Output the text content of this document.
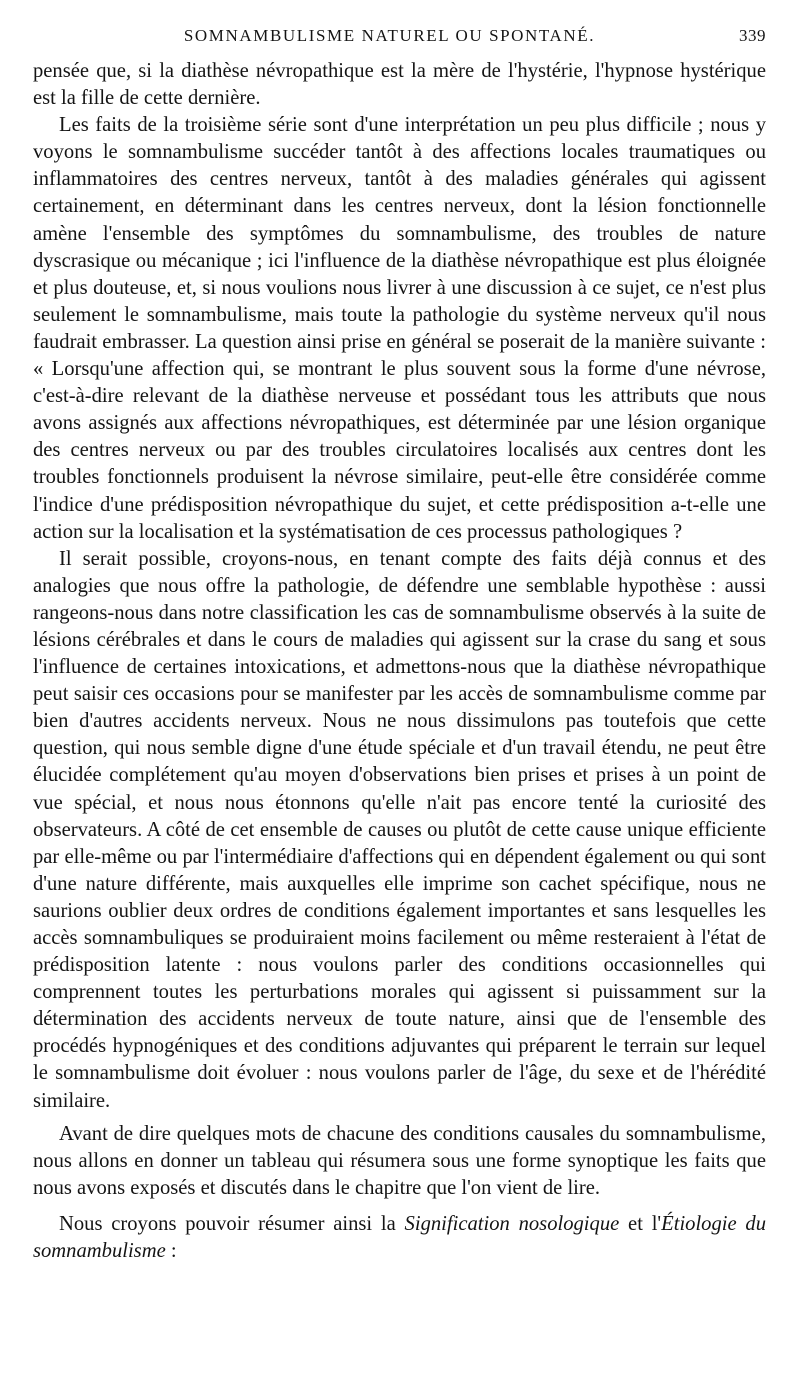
SOMNAMBULISME NATUREL OU SPONTANÉ.	339

pensée que, si la diathèse névropathique est la mère de l'hystérie, l'hypnose hystérique est la fille de cette dernière.

Les faits de la troisième série sont d'une interprétation un peu plus difficile ; nous y voyons le somnambulisme succéder tantôt à des affections locales traumatiques ou inflammatoires des centres nerveux, tantôt à des maladies générales qui agissent certainement, en déterminant dans les centres nerveux, dont la lésion fonctionnelle amène l'ensemble des symptômes du somnambulisme, des troubles de nature dyscrasique ou mécanique ; ici l'influence de la diathèse névropathique est plus éloignée et plus douteuse, et, si nous voulions nous livrer à une discussion à ce sujet, ce n'est plus seulement le somnambulisme, mais toute la pathologie du système nerveux qu'il nous faudrait embrasser. La question ainsi prise en général se poserait de la manière suivante : « Lorsqu'une affection qui, se montrant le plus souvent sous la forme d'une névrose, c'est-à-dire relevant de la diathèse nerveuse et possédant tous les attributs que nous avons assignés aux affections névropathiques, est déterminée par une lésion organique des centres nerveux ou par des troubles circulatoires localisés aux centres dont les troubles fonctionnels produisent la névrose similaire, peut-elle être considérée comme l'indice d'une prédisposition névropathique du sujet, et cette prédisposition a-t-elle une action sur la localisation et la systématisation de ces processus pathologiques ?

Il serait possible, croyons-nous, en tenant compte des faits déjà connus et des analogies que nous offre la pathologie, de défendre une semblable hypothèse : aussi rangeons-nous dans notre classification les cas de somnambulisme observés à la suite de lésions cérébrales et dans le cours de maladies qui agissent sur la crase du sang et sous l'influence de certaines intoxications, et admettons-nous que la diathèse névropathique peut saisir ces occasions pour se manifester par les accès de somnambulisme comme par bien d'autres accidents nerveux. Nous ne nous dissimulons pas toutefois que cette question, qui nous semble digne d'une étude spéciale et d'un travail étendu, ne peut être élucidée complétement qu'au moyen d'observations bien prises et prises à un point de vue spécial, et nous nous étonnons qu'elle n'ait pas encore tenté la curiosité des observateurs. A côté de cet ensemble de causes ou plutôt de cette cause unique efficiente par elle-même ou par l'intermédiaire d'affections qui en dépendent également ou qui sont d'une nature différente, mais auxquelles elle imprime son cachet spécifique, nous ne saurions oublier deux ordres de conditions également importantes et sans lesquelles les accès somnambuliques se produiraient moins facilement ou même resteraient à l'état de prédisposition latente : nous voulons parler des conditions occasionnelles qui comprennent toutes les perturbations morales qui agissent si puissamment sur la détermination des accidents nerveux de toute nature, ainsi que de l'ensemble des procédés hypnogéniques et des conditions adjuvantes qui préparent le terrain sur lequel le somnambulisme doit évoluer : nous voulons parler de l'âge, du sexe et de l'hérédité similaire.

Avant de dire quelques mots de chacune des conditions causales du somnambulisme, nous allons en donner un tableau qui résumera sous une forme synoptique les faits que nous avons exposés et discutés dans le chapitre que l'on vient de lire.

Nous croyons pouvoir résumer ainsi la Signification nosologique et l'Étiologie du somnambulisme :
